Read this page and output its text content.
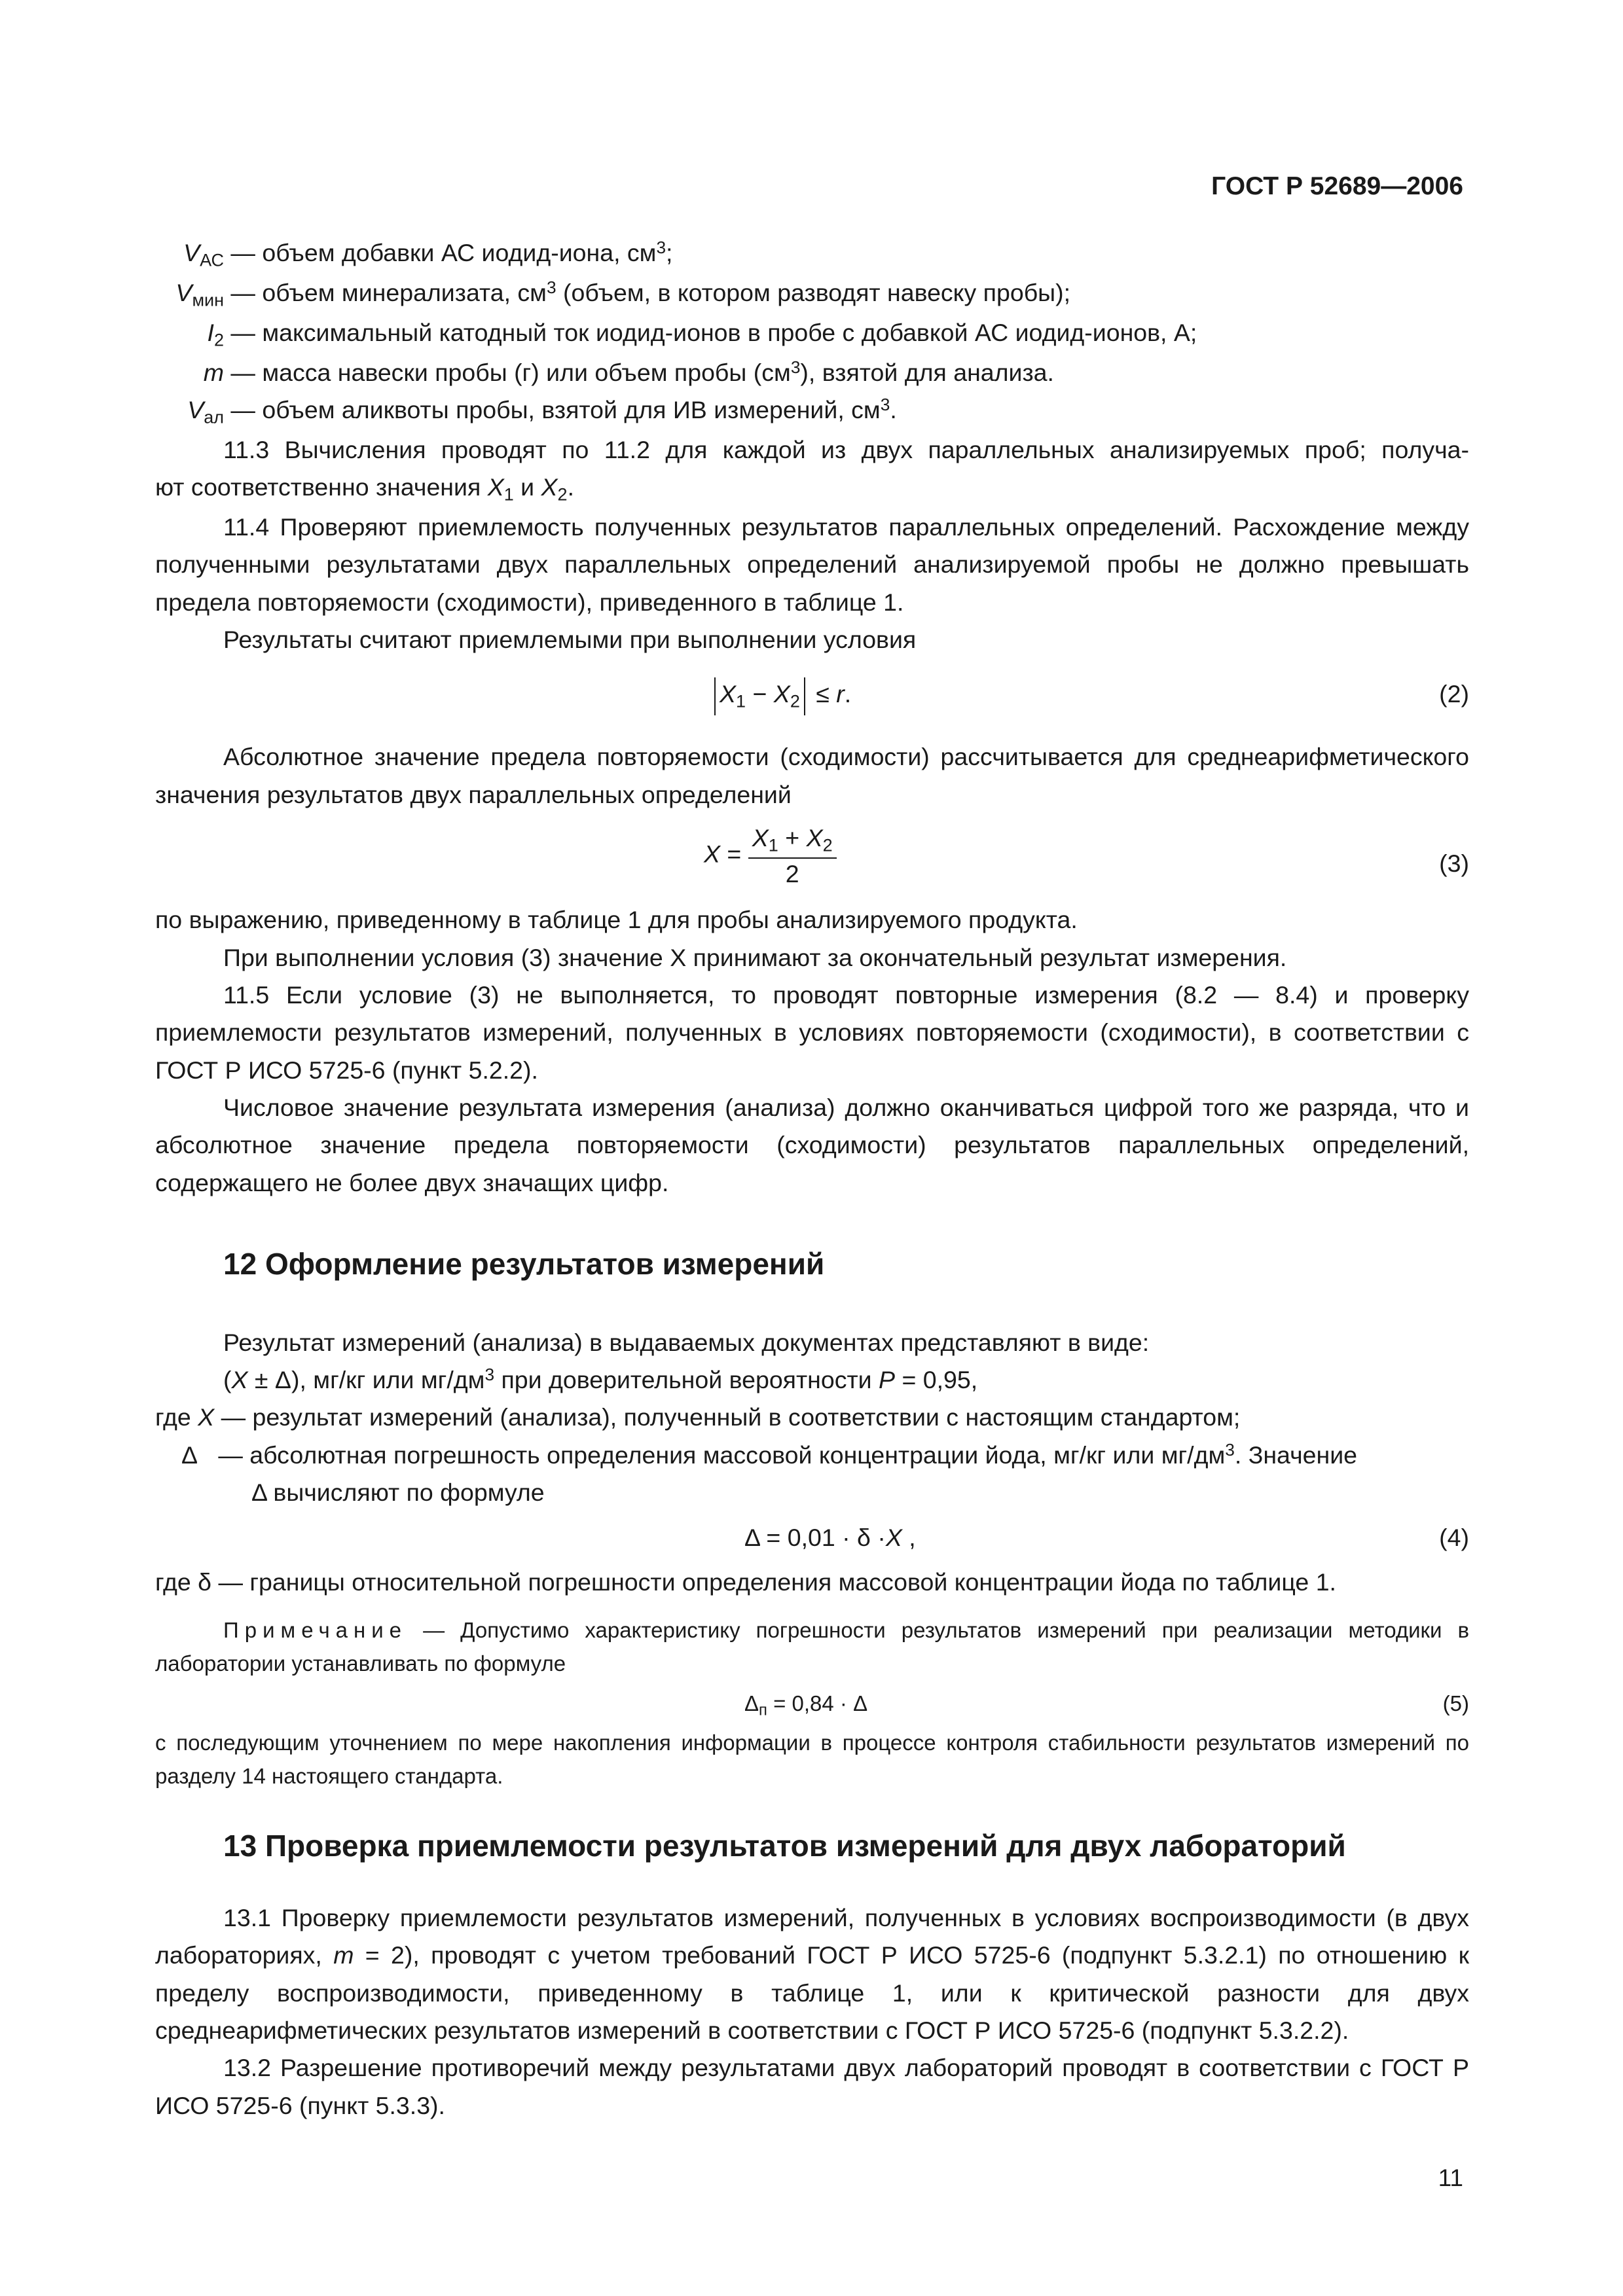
ГОСТ Р 52689—2006
$V_{АС}$ — объем добавки АС иодид-иона, $см^3$;
$V_{мин}$ — объем минерализата, $см^3$ (объем, в котором разводят навеску пробы);
$I_2$ — максимальный катодный ток иодид-ионов в пробе с добавкой АС иодид-ионов, А;
m — масса навески пробы (г) или объем пробы $(см^3)$, взятой для анализа.
$V_{ал}$ — объем аликвоты пробы, взятой для ИВ измерений, $см^3$.

11.3 Вычисления проводят по 11.2 для каждой из двух параллельных анализируемых проб; получа-

ют соответственно значения $X_1$ и $X_2$.

11.4 Проверяют приемлемость полученных результатов параллельных определений. Расхождение между полученными результатами двух параллельных определений анализируемой пробы не должно превышать предела повторяемости (сходимости), приведенного в таблице 1.

Результаты считают приемлемыми при выполнении условия

$X_1 - X_2 \le r$.	(2)

Абсолютное значение предела повторяемости (сходимости) рассчитывается для среднеарифметического значения результатов двух параллельных определений

$X = \frac{X_1 + X_2}{2}$	(3)

по выражению, приведенному в таблице 1 для пробы анализируемого продукта.

При выполнении условия (3) значение X принимают за окончательный результат измерения.

11.5 Если условие (3) не выполняется, то проводят повторные измерения (8.2 — 8.4) и проверку приемлемости результатов измерений, полученных в условиях повторяемости (сходимости), в соответствии с ГОСТ Р ИСО 5725-6 (пункт 5.2.2).

Числовое значение результата измерения (анализа) должно оканчиваться цифрой того же разряда, что и абсолютное значение предела повторяемости (сходимости) результатов параллельных определений, содержащего не более двух значащих цифр.

12 Оформление результатов измерений

Результат измерений (анализа) в выдаваемых документах представляют в виде:

(X ± Δ), мг/кг или $мг/дм^3$ при доверительной вероятности P = 0,95,

где X — результат измерений (анализа), полученный в соответствии с настоящим стандартом;

Δ — абсолютная погрешность определения массовой концентрации йода, мг/кг или $мг/дм^3$. Значение

Δ вычисляют по формуле

Δ = 0,01 · δ ·X ,	(4)

где δ — границы относительной погрешности определения массовой концентрации йода по таблице 1.

Примечание — Допустимо характеристику погрешности результатов измерений при реализации методики в лаборатории устанавливать по формуле

$\Delta_п = 0,84 \cdot \Delta$	(5)

с последующим уточнением по мере накопления информации в процессе контроля стабильности результатов измерений по разделу 14 настоящего стандарта.

13 Проверка приемлемости результатов измерений для двух лабораторий

13.1 Проверку приемлемости результатов измерений, полученных в условиях воспроизводимости (в двух лабораториях, m = 2), проводят с учетом требований ГОСТ Р ИСО 5725-6 (подпункт 5.3.2.1) по отношению к пределу воспроизводимости, приведенному в таблице 1, или к критической разности для двух среднеарифметических результатов измерений в соответствии с ГОСТ Р ИСО 5725-6 (подпункт 5.3.2.2).

13.2 Разрешение противоречий между результатами двух лабораторий проводят в соответствии с ГОСТ Р ИСО 5725-6 (пункт 5.3.3).

11
